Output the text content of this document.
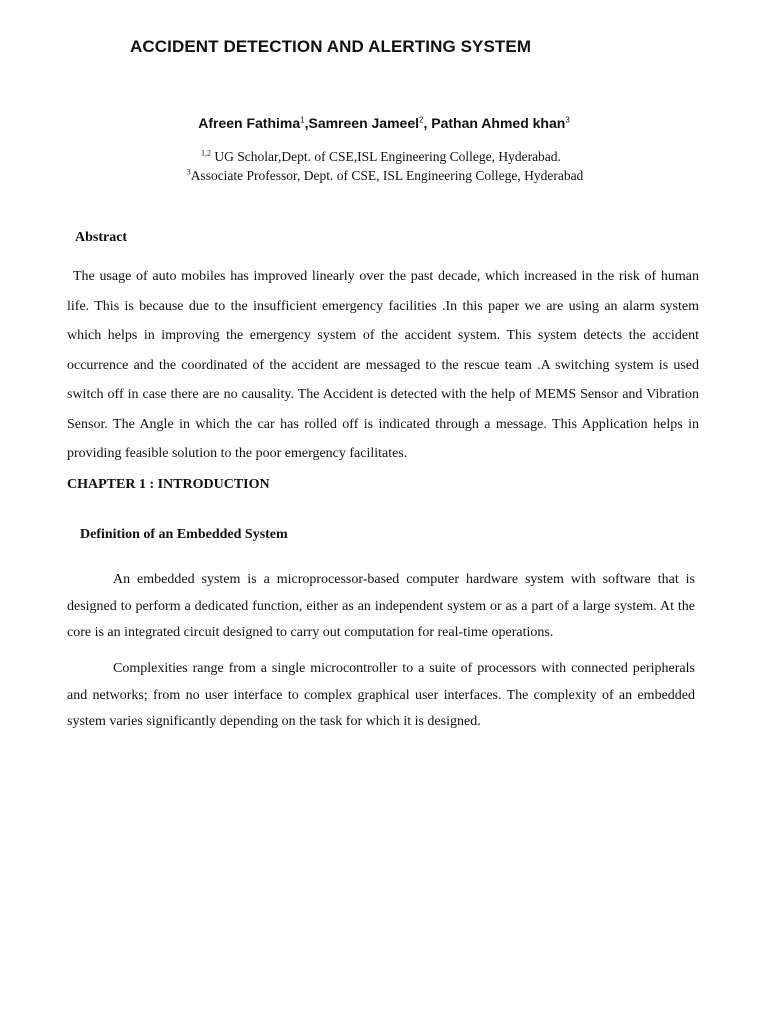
ACCIDENT DETECTION AND ALERTING SYSTEM
Afreen Fathima$^1$,Samreen Jameel$^2$, Pathan Ahmed khan$^3$
$^{1,2}$ UG Scholar,Dept. of CSE,ISL Engineering College, Hyderabad.
$^3$Associate Professor, Dept. of CSE, ISL Engineering College, Hyderabad
Abstract

The usage of auto mobiles has improved linearly over the past decade, which increased in the risk of human life. This is because due to the insufficient emergency facilities .In this paper we are using an alarm system which helps in improving the emergency system of the accident system. This system detects the accident occurrence and the coordinated of the accident are messaged to the rescue team .A switching system is used switch off in case there are no causality. The Accident is detected with the help of MEMS Sensor and Vibration Sensor. The Angle in which the car has rolled off is indicated through a message. This Application helps in providing feasible solution to the poor emergency facilitates.

CHAPTER 1 : INTRODUCTION
Definition of an Embedded System

An embedded system is a microprocessor-based computer hardware system with software that is designed to perform a dedicated function, either as an independent system or as a part of a large system. At the core is an integrated circuit designed to carry out computation for real-time operations.

Complexities range from a single microcontroller to a suite of processors with connected peripherals and networks; from no user interface to complex graphical user interfaces. The complexity of an embedded system varies significantly depending on the task for which it is designed.
